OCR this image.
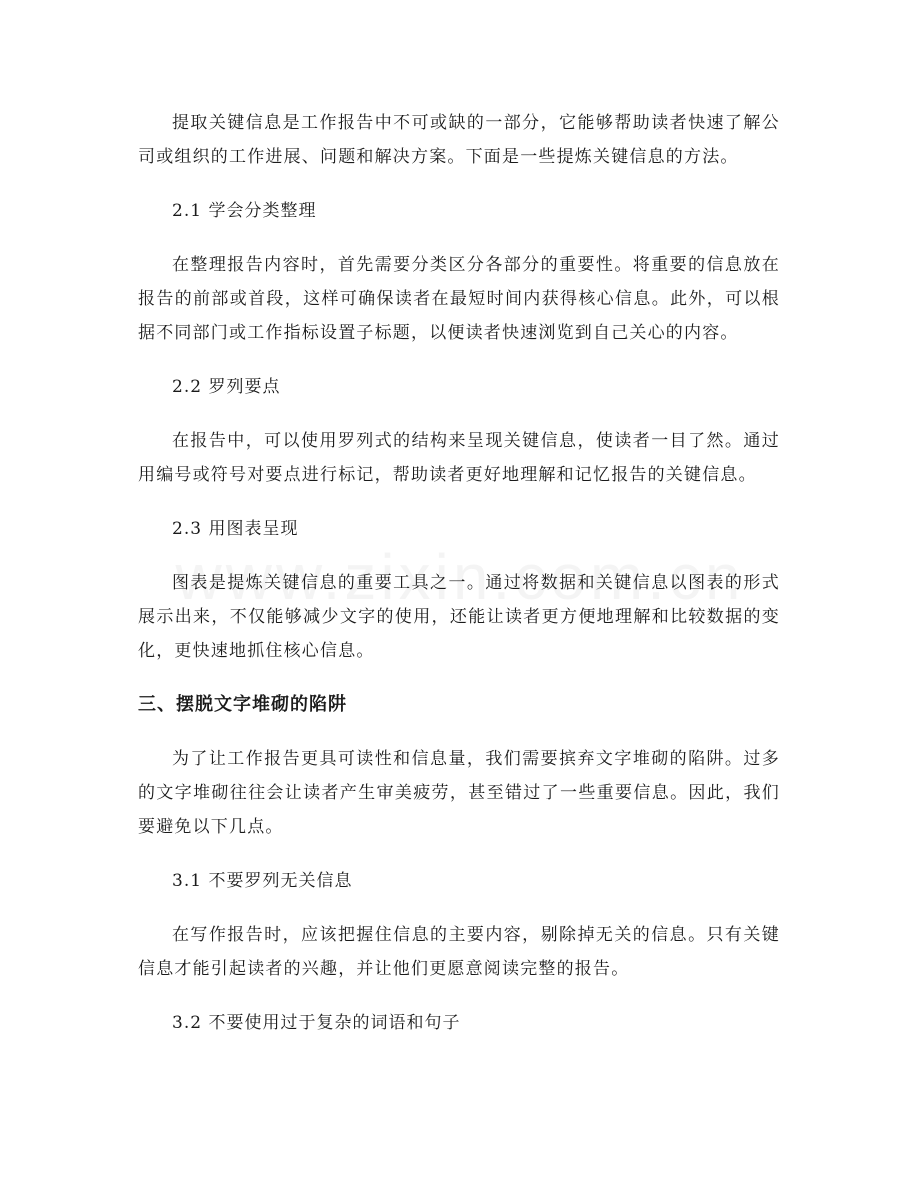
提取关键信息是工作报告中不可或缺的一部分，它能够帮助读者快速了解公司或组织的工作进展、问题和解决方案。下面是一些提炼关键信息的方法。

2.1 学会分类整理

在整理报告内容时，首先需要分类区分各部分的重要性。将重要的信息放在报告的前部或首段，这样可确保读者在最短时间内获得核心信息。此外，可以根据不同部门或工作指标设置子标题，以便读者快速浏览到自己关心的内容。

2.2 罗列要点

在报告中，可以使用罗列式的结构来呈现关键信息，使读者一目了然。通过用编号或符号对要点进行标记，帮助读者更好地理解和记忆报告的关键信息。

2.3 用图表呈现

图表是提炼关键信息的重要工具之一。通过将数据和关键信息以图表的形式展示出来，不仅能够减少文字的使用，还能让读者更方便地理解和比较数据的变化，更快速地抓住核心信息。

三、摆脱文字堆砌的陷阱

为了让工作报告更具可读性和信息量，我们需要摈弃文字堆砌的陷阱。过多的文字堆砌往往会让读者产生审美疲劳，甚至错过了一些重要信息。因此，我们要避免以下几点。

3.1 不要罗列无关信息

在写作报告时，应该把握住信息的主要内容，剔除掉无关的信息。只有关键信息才能引起读者的兴趣，并让他们更愿意阅读完整的报告。

3.2 不要使用过于复杂的词语和句子
